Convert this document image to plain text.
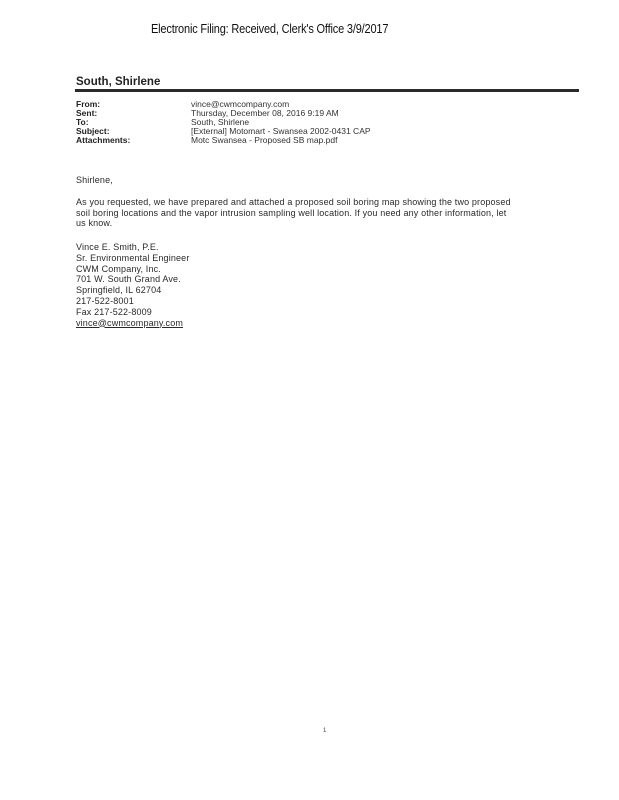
Electronic Filing: Received, Clerk's Office 3/9/2017
South, Shirlene
From:	vince@cwmcompany.com
Sent:	Thursday, December 08, 2016 9:19 AM
To:	South, Shirlene
Subject:	[External] Motomart - Swansea 2002-0431 CAP
Attachments:	Motc Swansea - Proposed SB map.pdf
Shirlene,
As you requested, we have prepared and attached a proposed soil boring map showing the two proposed
soil boring locations and the vapor intrusion sampling well location. If you need any other information, let
us know.
Vince E. Smith, P.E.
Sr. Environmental Engineer
CWM Company, Inc.
701 W. South Grand Ave.
Springfield, IL 62704
217-522-8001
Fax 217-522-8009
vince@cwmcompany.com
1
